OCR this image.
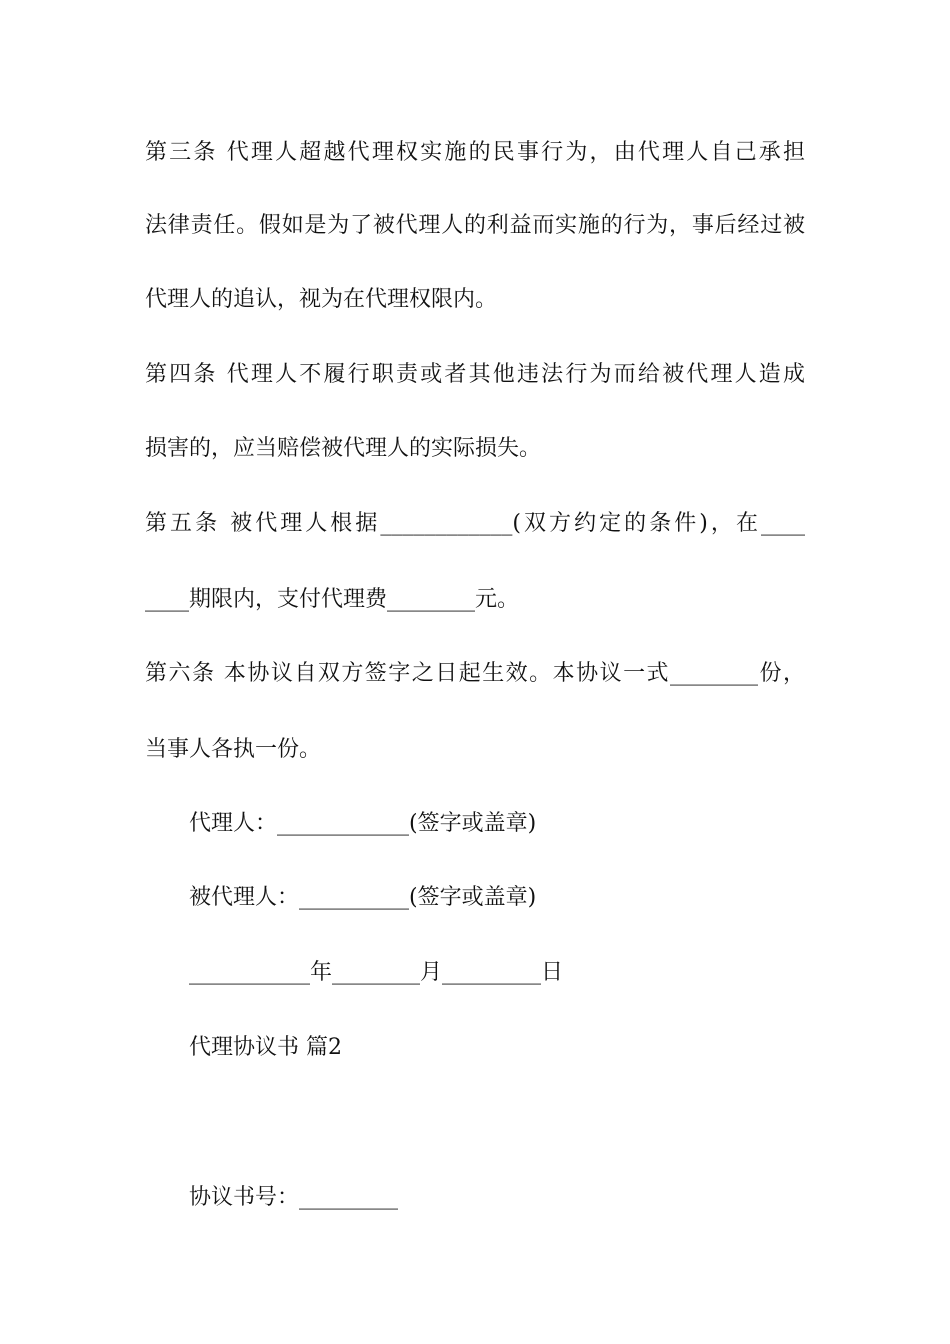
第三条 代理人超越代理权实施的民事行为，由代理人自己承担

法律责任。假如是为了被代理人的利益而实施的行为，事后经过被

代理人的追认，视为在代理权限内。

第四条 代理人不履行职责或者其他违法行为而给被代理人造成

损害的，应当赔偿被代理人的实际损失。

第五条 被代理人根据____________(双方约定的条件)，在____

____期限内，支付代理费________元。

第六条 本协议自双方签字之日起生效。本协议一式________份，

当事人各执一份。

代理人：____________(签字或盖章)

被代理人：__________(签字或盖章)

___________年________月_________日

代理协议书 篇2

协议书号：_________
